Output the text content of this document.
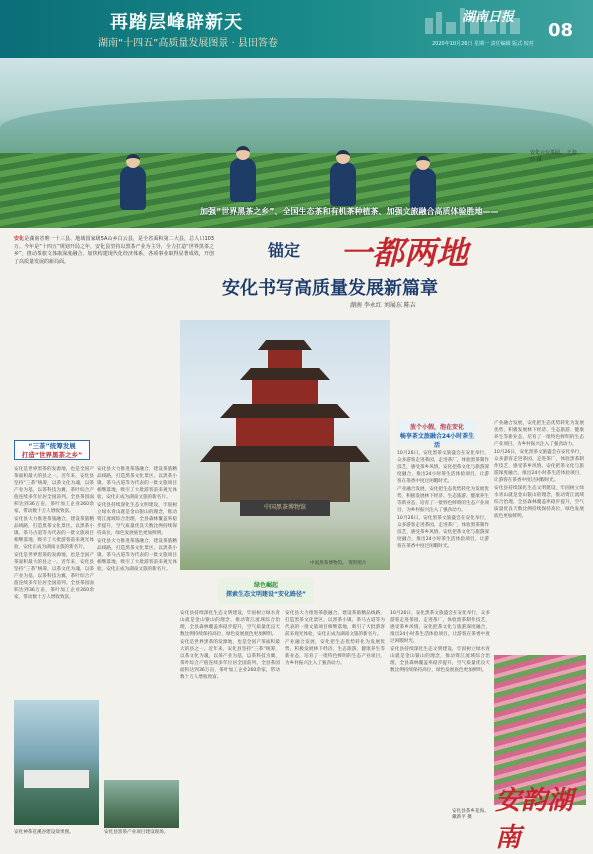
再踏层峰辟新天
湖南“十四五”高质量发展图景 · 县田答卷
湖南日报
08
2020年10月26日 星期一 责任编辑 版式 校对
安化云台茶园。 王劲玲 摄
加强“世界黑茶之乡”、全国生态茶和有机茶种植茶、加强文旅融合高质体验胜地——
安化是湖南省唯一十三县、地域国家级5A山乡白云县，是全省面积第二大县，总人口103万。今年是“十四五”规划开局之年，安化县坚持以黑茶产业为主导，全力打造“世界黑茶之乡”，推动茶旅文体康深度融合，加快构建现代化经济体系，各项事业取得显著成效，开创了高质量发展的新局面。
锚定 一都两地
安化书写高质量发展新篇章
湖南 李永红 刘展东 陈吉
“三茶”统筹发展
打造“世界黑茶之乡”

安化是世界黑茶的发源地，也是全国产茶面积最大的县之一。近年来，安化县坚持“三茶”统筹，以茶文化为魂，以茶产业为基，以茶科技为翼，茶叶综合产值连续多年位居全国前列。全县茶园面积达到36万亩，茶叶加工企业260余家，带动数十万人增收致富。

安化县大力推进茶旅融合，建设茶旅精品线路，打造黑茶文化景区。以黑茶小镇、茶马古道等为代表的一批文旅项目相继落地，吸引了大批游客前来观光体验，安化正成为湖南文旅的新名片。

安化是世界黑茶的发源地，也是全国产茶面积最大的县之一。近年来，安化县坚持“三茶”统筹，以茶文化为魂，以茶产业为基，以茶科技为翼，茶叶综合产值连续多年位居全国前列。全县茶园面积达到36万亩，茶叶加工企业260余家，带动数十万人增收致富。

安化县大力推进茶旅融合，建设茶旅精品线路，打造黑茶文化景区。以黑茶小镇、茶马古道等为代表的一批文旅项目相继落地，吸引了大批游客前来观光体验，安化正成为湖南文旅的新名片。

安化县持续深化生态文明建设，牢固树立绿水青山就是金山银山的理念，推动资江流域综合治理，全县森林覆盖率稳步提升，空气质量优良天数比例持续保持高位，绿色发展底色更加鲜明。

安化县大力推进茶旅融合，建设茶旅精品线路，打造黑茶文化景区。以黑茶小镇、茶马古道等为代表的一批文旅项目相继落地，吸引了大批游客前来观光体验，安化正成为湖南文旅的新名片。

中国黑茶博物馆
中国黑茶博物馆。 资料照片
放个小假，泡在安化
畅享茶文旅融合24小时茶生活

10月26日，安化黑茶文旅盛会在安化举行，众多游客走进茶园、走进茶厂，体验黑茶制作技艺，感受茶乡风情。安化把茶文化与旅游深度融合，推出24小时茶生活体验项目，让游客在茶香中度过闲暇时光。

产业融合发展，安化把生态优势转化为发展优势，积极发展林下经济、生态旅游、健康养生等新业态，培育了一批特色鲜明的生态产业项目，为乡村振兴注入了强劲动力。

10月26日，安化黑茶文旅盛会在安化举行，众多游客走进茶园、走进茶厂，体验黑茶制作技艺，感受茶乡风情。安化把茶文化与旅游深度融合，推出24小时茶生活体验项目，让游客在茶香中度过闲暇时光。

产业融合发展，安化把生态优势转化为发展优势，积极发展林下经济、生态旅游、健康养生等新业态，培育了一批特色鲜明的生态产业项目，为乡村振兴注入了强劲动力。

10月26日，安化黑茶文旅盛会在安化举行，众多游客走进茶园、走进茶厂，体验黑茶制作技艺，感受茶乡风情。安化把茶文化与旅游深度融合，推出24小时茶生活体验项目，让游客在茶香中度过闲暇时光。

安化县持续深化生态文明建设，牢固树立绿水青山就是金山银山的理念，推动资江流域综合治理，全县森林覆盖率稳步提升，空气质量优良天数比例持续保持高位，绿色发展底色更加鲜明。

绿色崛起
探索生态文明建设“安化路径”

安化县持续深化生态文明建设，牢固树立绿水青山就是金山银山的理念，推动资江流域综合治理，全县森林覆盖率稳步提升，空气质量优良天数比例持续保持高位，绿色发展底色更加鲜明。

安化是世界黑茶的发源地，也是全国产茶面积最大的县之一。近年来，安化县坚持“三茶”统筹，以茶文化为魂，以茶产业为基，以茶科技为翼，茶叶综合产值连续多年位居全国前列。全县茶园面积达到36万亩，茶叶加工企业260余家，带动数十万人增收致富。

安化县大力推进茶旅融合，建设茶旅精品线路，打造黑茶文化景区。以黑茶小镇、茶马古道等为代表的一批文旅项目相继落地，吸引了大批游客前来观光体验，安化正成为湖南文旅的新名片。

产业融合发展，安化把生态优势转化为发展优势，积极发展林下经济、生态旅游、健康养生等新业态，培育了一批特色鲜明的生态产业项目，为乡村振兴注入了强劲动力。

10月26日，安化黑茶文旅盛会在安化举行，众多游客走进茶园、走进茶厂，体验黑茶制作技艺，感受茶乡风情。安化把茶文化与旅游深度融合，推出24小时茶生活体验项目，让游客在茶香中度过闲暇时光。

安化县持续深化生态文明建设，牢固树立绿水青山就是金山银山的理念，推动资江流域综合治理，全县森林覆盖率稳步提升，空气质量优良天数比例持续保持高位，绿色发展底色更加鲜明。

安化神茶花溪谷建设效果图。	安化县黑茶产业项目建设现场。
安化县茶乡花海。 戴新平 摄
安韵湖南
